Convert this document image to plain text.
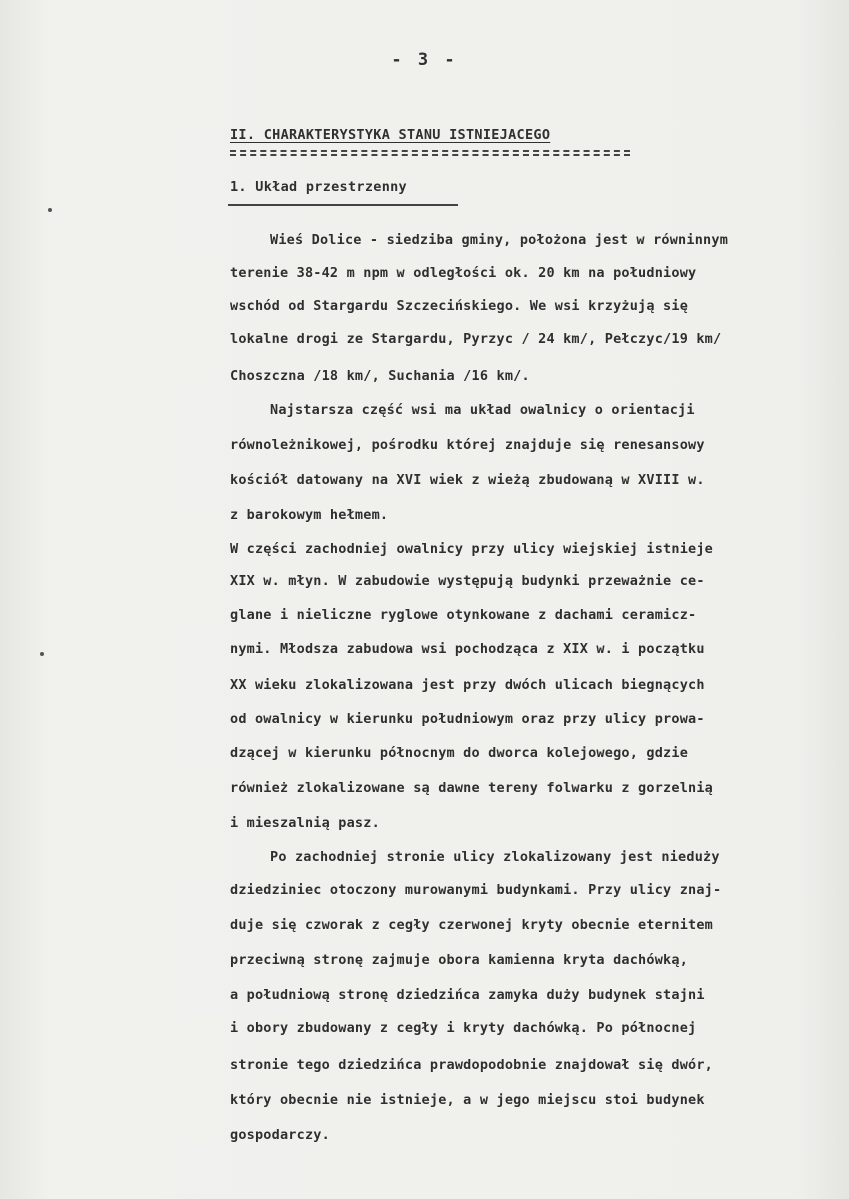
- 3 -
II. CHARAKTERYSTYKA STANU ISTNIEJACEGO
1. Układ przestrzenny
Wieś Dolice - siedziba gminy, położona jest w równinnym
terenie 38-42 m npm w odległości ok. 20 km na południowy
wschód od Stargardu Szczecińskiego. We wsi krzyżują się
lokalne drogi ze Stargardu, Pyrzyc / 24 km/, Pełczyc/19 km/
Choszczna /18 km/, Suchania /16 km/.
Najstarsza część wsi ma układ owalnicy o orientacji
równoleżnikowej, pośrodku której znajduje się renesansowy
kościół datowany na XVI wiek z wieżą zbudowaną w XVIII w.
z barokowym hełmem.
W części zachodniej owalnicy przy ulicy wiejskiej istnieje
XIX w. młyn. W zabudowie występują budynki przeważnie ce-
glane i nieliczne ryglowe otynkowane z dachami ceramicz-
nymi. Młodsza zabudowa wsi pochodząca z XIX w. i początku
XX wieku zlokalizowana jest przy dwóch ulicach biegnących
od owalnicy w kierunku południowym oraz przy ulicy prowa-
dzącej w kierunku północnym do dworca kolejowego, gdzie
również zlokalizowane są dawne tereny folwarku z gorzelnią
i mieszalnią pasz.
Po zachodniej stronie ulicy zlokalizowany jest nieduży
dziedziniec otoczony murowanymi budynkami. Przy ulicy znaj-
duje się czworak z cegły czerwonej kryty obecnie eternitem
przeciwną stronę zajmuje obora kamienna kryta dachówką,
a południową stronę dziedzińca zamyka duży budynek stajni
i obory zbudowany z cegły i kryty dachówką. Po północnej
stronie tego dziedzińca prawdopodobnie znajdował się dwór,
który obecnie nie istnieje, a w jego miejscu stoi budynek
gospodarczy.
